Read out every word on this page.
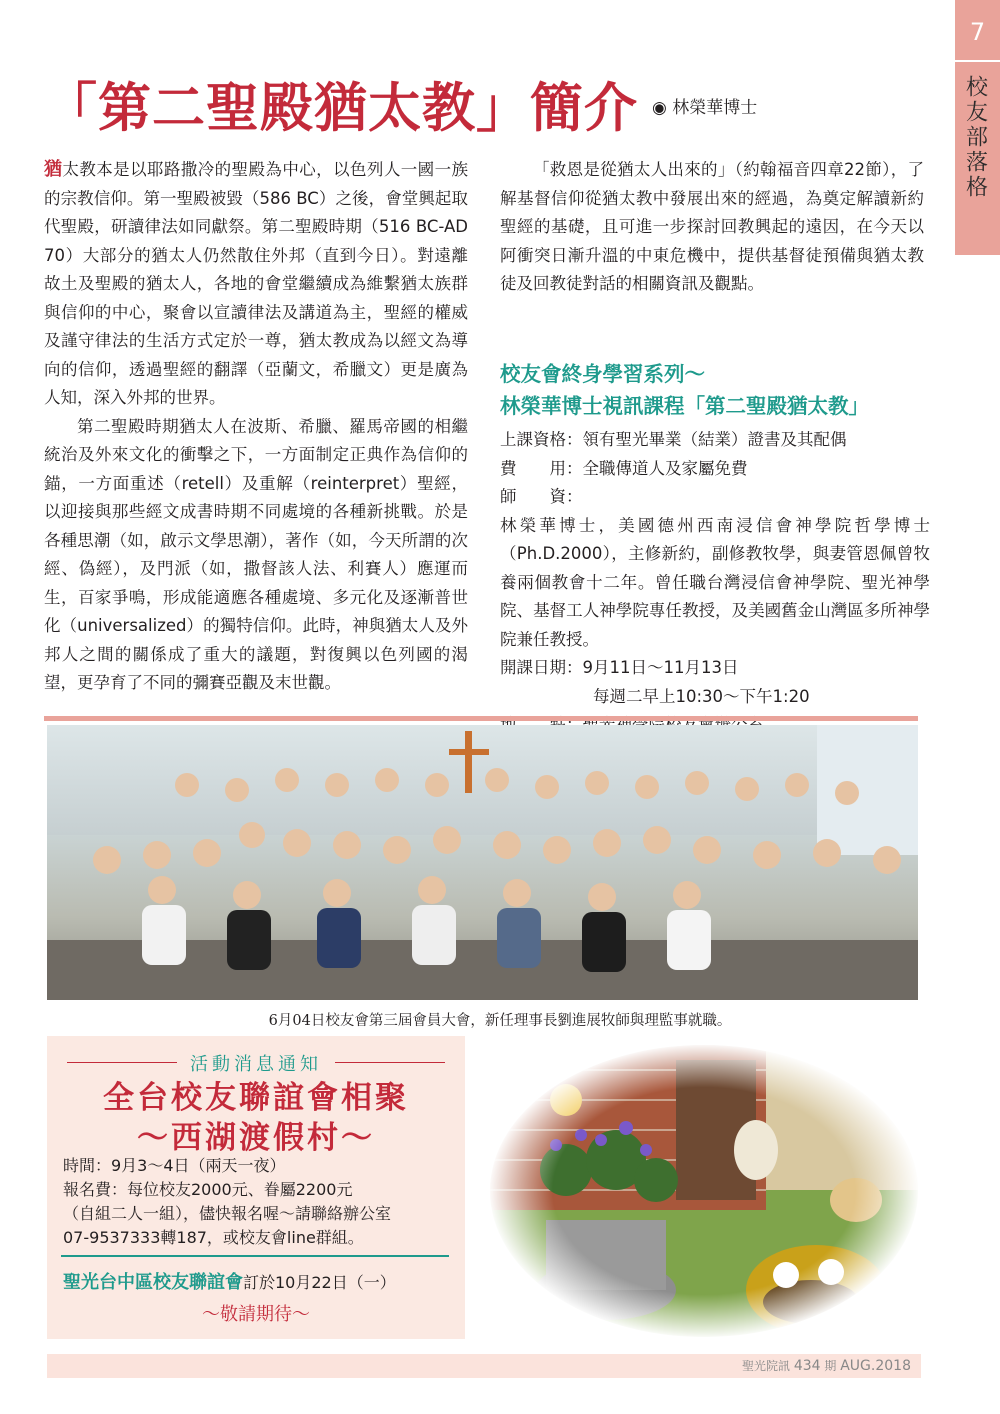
7
校友部落格
「第二聖殿猶太教」簡介 ◉ 林榮華博士

猶太教本是以耶路撒冷的聖殿為中心，以色列人一國一族的宗教信仰。第一聖殿被毀（586 BC）之後，會堂興起取代聖殿，研讀律法如同獻祭。第二聖殿時期（516 BC-AD 70）大部分的猶太人仍然散住外邦（直到今日）。對遠離故土及聖殿的猶太人，各地的會堂繼續成為維繫猶太族群與信仰的中心，聚會以宣讀律法及講道為主，聖經的權威及謹守律法的生活方式定於一尊，猶太教成為以經文為導向的信仰，透過聖經的翻譯（亞蘭文，希臘文）更是廣為人知，深入外邦的世界。

第二聖殿時期猶太人在波斯、希臘、羅馬帝國的相繼統治及外來文化的衝擊之下，一方面制定正典作為信仰的錨，一方面重述（retell）及重解（reinterpret）聖經，以迎接與那些經文成書時期不同處境的各種新挑戰。於是各種思潮（如，啟示文學思潮），著作（如，今天所謂的次經、偽經），及門派（如，撒督該人法、利賽人）應運而生，百家爭鳴，形成能適應各種處境、多元化及逐漸普世化（universalized）的獨特信仰。此時，神與猶太人及外邦人之間的關係成了重大的議題，對復興以色列國的渴望，更孕育了不同的彌賽亞觀及末世觀。

「救恩是從猶太人出來的」（約翰福音四章22節），了解基督信仰從猶太教中發展出來的經過，為奠定解讀新約聖經的基礎，且可進一步探討回教興起的遠因，在今天以阿衝突日漸升溫的中東危機中，提供基督徒預備與猶太教徒及回教徒對話的相關資訊及觀點。

校友會終身學習系列～
林榮華博士視訊課程「第二聖殿猶太教」
上課資格： 領有聖光畢業（結業）證書及其配偶
費　　用： 全職傳道人及家屬免費
師　　資：
林榮華博士，美國德州西南浸信會神學院哲學博士（Ph.D.2000），主修新約，副修教牧學，與妻管恩佩曾牧養兩個教會十二年。曾任職台灣浸信會神學院、聖光神學院、基督工人神學院專任教授，及美國舊金山灣區多所神學院兼任教授。
開課日期： 9月11日～11月13日
每週二早上10:30～下午1:20
6月04日校友會第三屆會員大會，新任理事長劉進展牧師與理監事就職。
活動消息通知
全台校友聯誼會相聚
～西湖渡假村～
時間：9月3～4日（兩天一夜）
報名費：每位校友2000元、眷屬2200元
（自組二人一組），儘快報名喔～請聯絡辦公室
07-9537333轉187，或校友會line群組。
聖光台中區校友聯誼會訂於10月22日（一）
～敬請期待～
聖光院訊 434 期 AUG.2018
